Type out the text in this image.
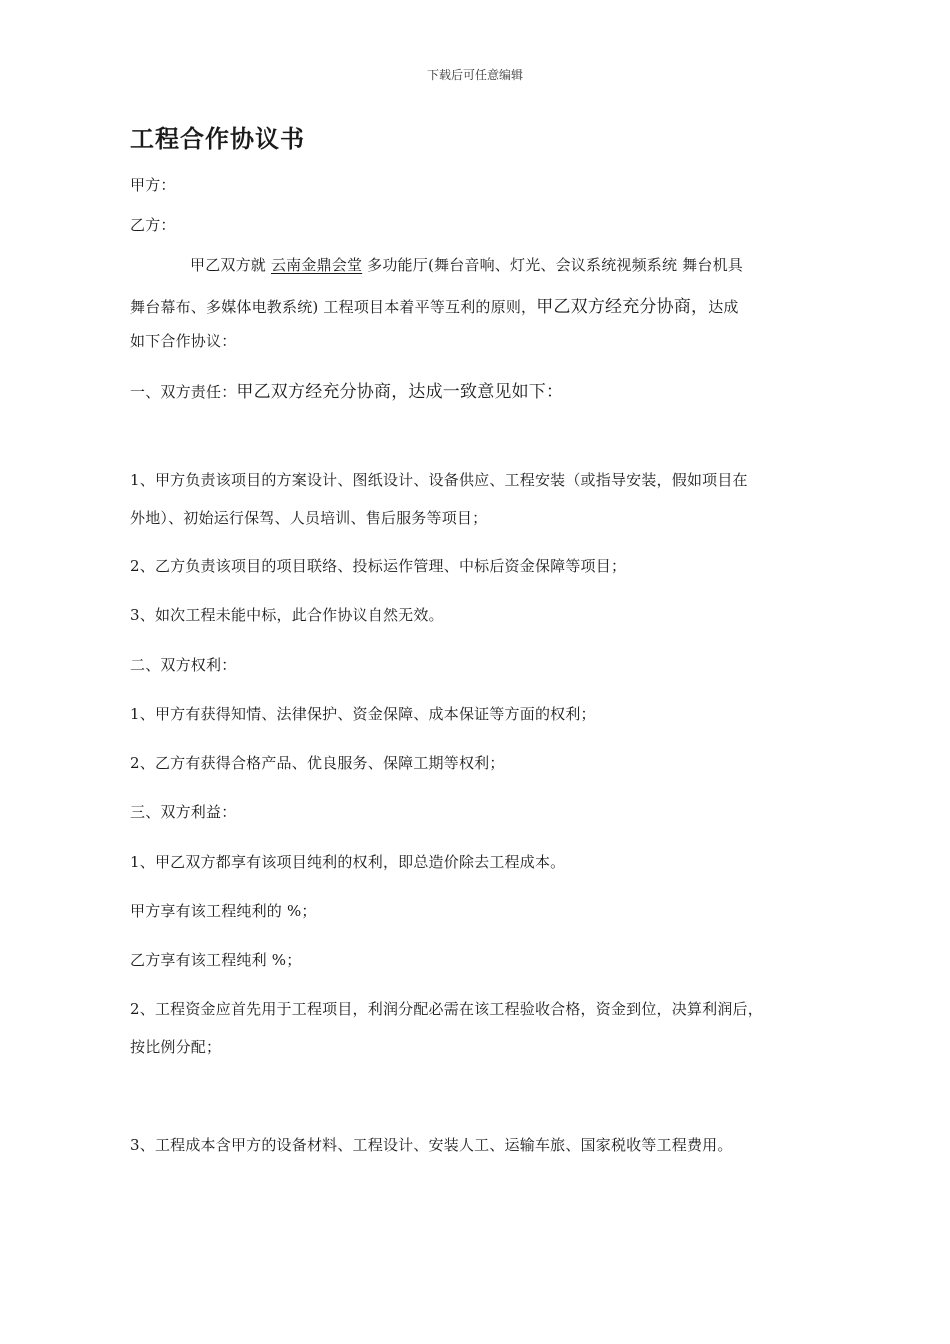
下载后可任意编辑
工程合作协议书
甲方：
乙方：
甲乙双方就 云南金鼎会堂 多功能厅(舞台音响、灯光、会议系统视频系统 舞台机具
舞台幕布、多媒体电教系统) 工程项目本着平等互利的原则，甲乙双方经充分协商，达成
如下合作协议：
一、双方责任：甲乙双方经充分协商，达成一致意见如下：
1、甲方负责该项目的方案设计、图纸设计、设备供应、工程安装（或指导安装，假如项目在
外地）、初始运行保驾、人员培训、售后服务等项目；
2、乙方负责该项目的项目联络、投标运作管理、中标后资金保障等项目；
3、如次工程未能中标，此合作协议自然无效。
二、双方权利：
1、甲方有获得知情、法律保护、资金保障、成本保证等方面的权利；
2、乙方有获得合格产品、优良服务、保障工期等权利；
三、双方利益：
1、甲乙双方都享有该项目纯利的权利，即总造价除去工程成本。
甲方享有该工程纯利的 %；
乙方享有该工程纯利 %；
2、工程资金应首先用于工程项目，利润分配必需在该工程验收合格，资金到位，决算利润后，
按比例分配；
3、工程成本含甲方的设备材料、工程设计、安装人工、运输车旅、国家税收等工程费用。
